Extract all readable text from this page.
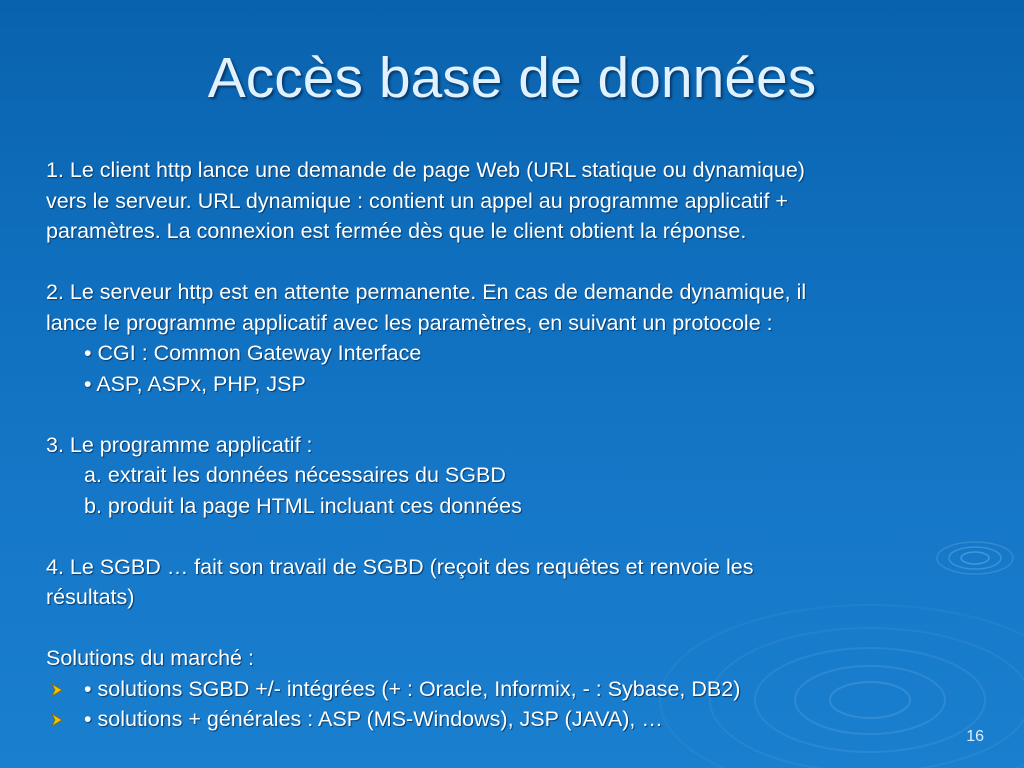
Accès base de données
1. Le client http lance une demande de page Web (URL statique ou dynamique)
vers le serveur. URL dynamique : contient un appel au programme applicatif +
paramètres. La connexion est fermée dès que le client obtient la réponse.
2. Le serveur http est en attente permanente. En cas de demande dynamique, il
lance le programme applicatif avec les paramètres, en suivant un protocole :
• CGI : Common Gateway Interface
• ASP, ASPx, PHP, JSP
3. Le programme applicatif :
a. extrait les données nécessaires du SGBD
b. produit la page HTML incluant ces données
4. Le SGBD … fait son travail de SGBD (reçoit des requêtes et renvoie les
résultats)
Solutions du marché :
• solutions SGBD +/- intégrées (+ : Oracle, Informix, - : Sybase, DB2)
• solutions + générales : ASP (MS-Windows), JSP (JAVA), …
16
